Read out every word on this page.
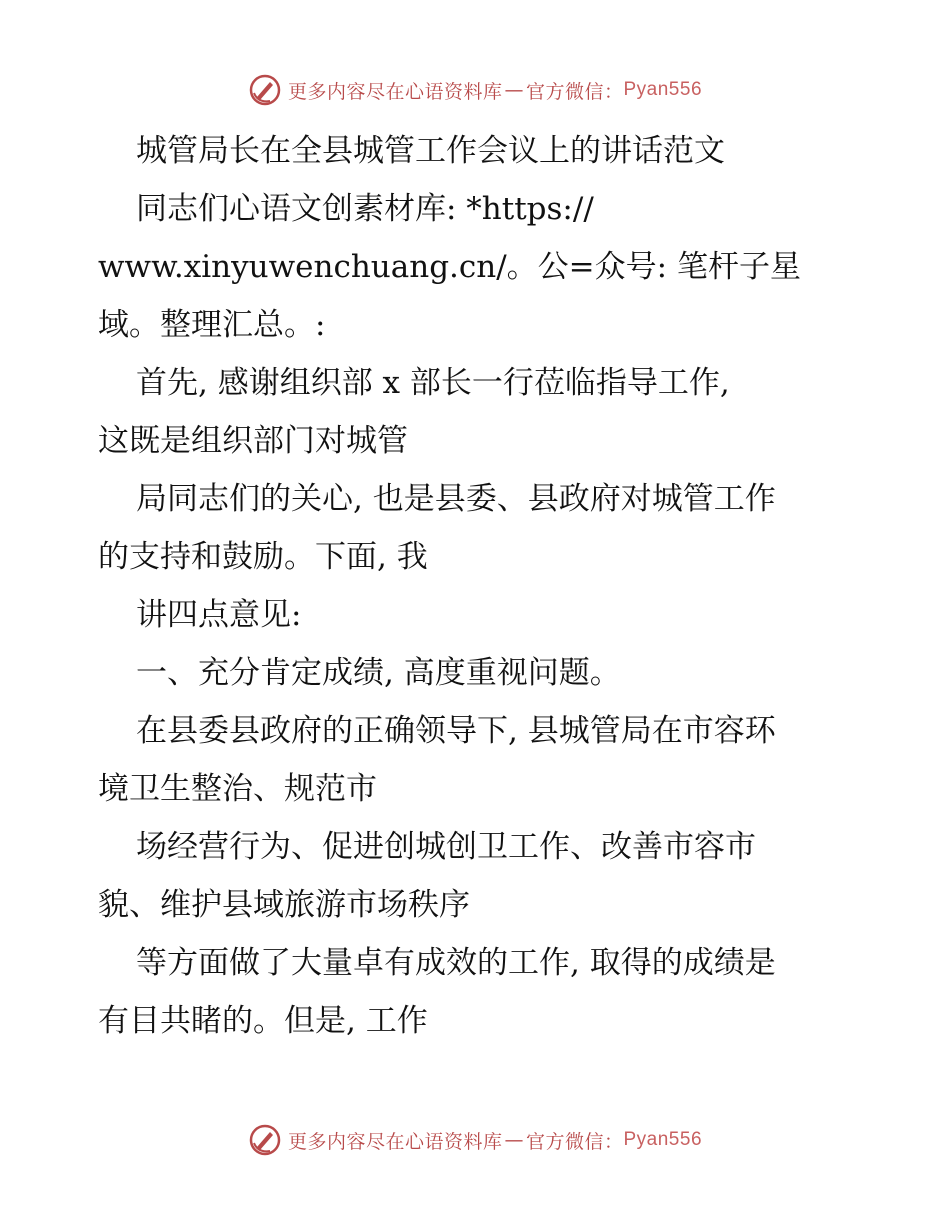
更多内容尽在心语资料库 — 官方微信： Pyan556
城管局长在全县城管工作会议上的讲话范文
同志们心语文创素材库: *https://
www.xinyuwenchuang.cn/。公=众号: 笔杆子星
域。整理汇总。:
首先, 感谢组织部 x 部长一行莅临指导工作,
这既是组织部门对城管
局同志们的关心, 也是县委、县政府对城管工作
的支持和鼓励。下面, 我
讲四点意见:
一、充分肯定成绩, 高度重视问题。
在县委县政府的正确领导下, 县城管局在市容环
境卫生整治、规范市
场经营行为、促进创城创卫工作、改善市容市
貌、维护县域旅游市场秩序
等方面做了大量卓有成效的工作, 取得的成绩是
有目共睹的。但是, 工作
更多内容尽在心语资料库 — 官方微信： Pyan556
